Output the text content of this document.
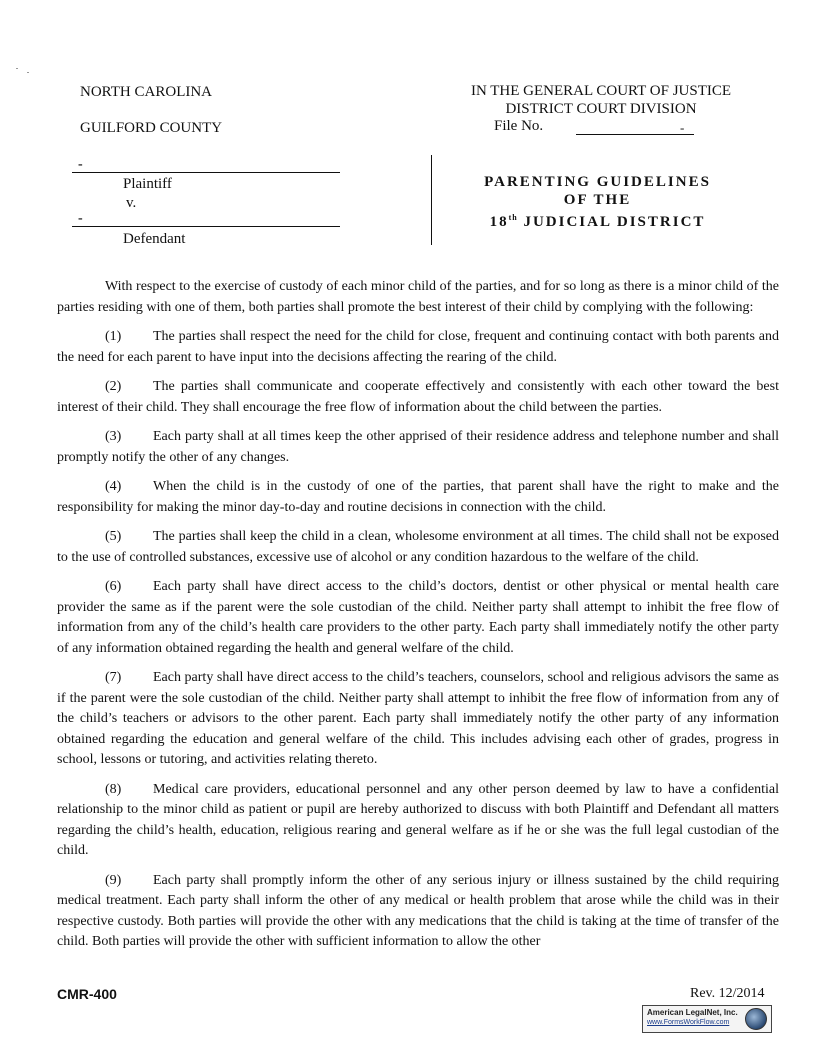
NORTH CAROLINA
GUILFORD COUNTY
IN THE GENERAL COURT OF JUSTICE
DISTRICT COURT DIVISION
File No.	-
-
Plaintiff
v.
-
Defendant
PARENTING GUIDELINES
OF THE
18th JUDICIAL DISTRICT

With respect to the exercise of custody of each minor child of the parties, and for so long as there is a minor child of the parties residing with one of them, both parties shall promote the best interest of their child by complying with the following:

(1) The parties shall respect the need for the child for close, frequent and continuing contact with both parents and the need for each parent to have input into the decisions affecting the rearing of the child.

(2) The parties shall communicate and cooperate effectively and consistently with each other toward the best interest of their child. They shall encourage the free flow of information about the child between the parties.

(3) Each party shall at all times keep the other apprised of their residence address and telephone number and shall promptly notify the other of any changes.

(4) When the child is in the custody of one of the parties, that parent shall have the right to make and the responsibility for making the minor day-to-day and routine decisions in connection with the child.

(5) The parties shall keep the child in a clean, wholesome environment at all times. The child shall not be exposed to the use of controlled substances, excessive use of alcohol or any condition hazardous to the welfare of the child.

(6) Each party shall have direct access to the child’s doctors, dentist or other physical or mental health care provider the same as if the parent were the sole custodian of the child. Neither party shall attempt to inhibit the free flow of information from any of the child’s health care providers to the other party. Each party shall immediately notify the other party of any information obtained regarding the health and general welfare of the child.

(7) Each party shall have direct access to the child’s teachers, counselors, school and religious advisors the same as if the parent were the sole custodian of the child. Neither party shall attempt to inhibit the free flow of information from any of the child’s teachers or advisors to the other parent. Each party shall immediately notify the other party of any information obtained regarding the education and general welfare of the child. This includes advising each other of grades, progress in school, lessons or tutoring, and activities relating thereto.

(8) Medical care providers, educational personnel and any other person deemed by law to have a confidential relationship to the minor child as patient or pupil are hereby authorized to discuss with both Plaintiff and Defendant all matters regarding the child’s health, education, religious rearing and general welfare as if he or she was the full legal custodian of the child.

(9) Each party shall promptly inform the other of any serious injury or illness sustained by the child requiring medical treatment. Each party shall inform the other of any medical or health problem that arose while the child was in their respective custody. Both parties will provide the other with any medications that the child is taking at the time of transfer of the child. Both parties will provide the other with sufficient information to allow the other

CMR-400	Rev. 12/2014
American LegalNet, Inc.
www.FormsWorkFlow.com
